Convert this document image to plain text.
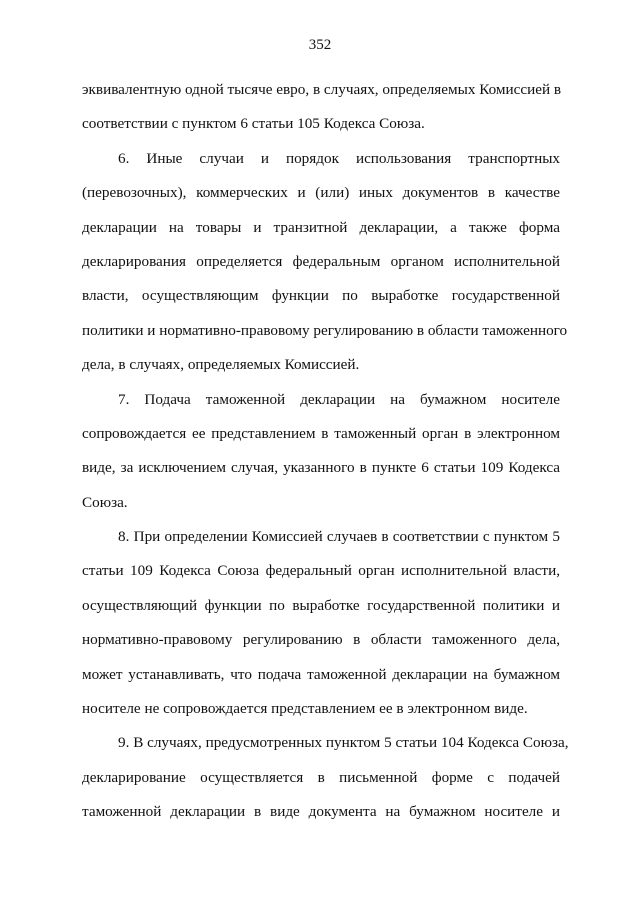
352
эквивалентную одной тысяче евро, в случаях, определяемых Комиссией в
соответствии с пунктом 6 статьи 105 Кодекса Союза.
6. Иные случаи и порядок использования транспортных
(перевозочных), коммерческих и (или) иных документов в качестве
декларации на товары и транзитной декларации, а также форма
декларирования определяется федеральным органом исполнительной
власти, осуществляющим функции по выработке государственной
политики и нормативно-правовому регулированию в области таможенного
дела, в случаях, определяемых Комиссией.
7. Подача таможенной декларации на бумажном носителе
сопровождается ее представлением в таможенный орган в электронном
виде, за исключением случая, указанного в пункте 6 статьи 109 Кодекса
Союза.
8. При определении Комиссией случаев в соответствии с пунктом 5
статьи 109 Кодекса Союза федеральный орган исполнительной власти,
осуществляющий функции по выработке государственной политики и
нормативно-правовому регулированию в области таможенного дела,
может устанавливать, что подача таможенной декларации на бумажном
носителе не сопровождается представлением ее в электронном виде.
9. В случаях, предусмотренных пунктом 5 статьи 104 Кодекса Союза,
декларирование осуществляется в письменной форме с подачей
таможенной декларации в виде документа на бумажном носителе и
